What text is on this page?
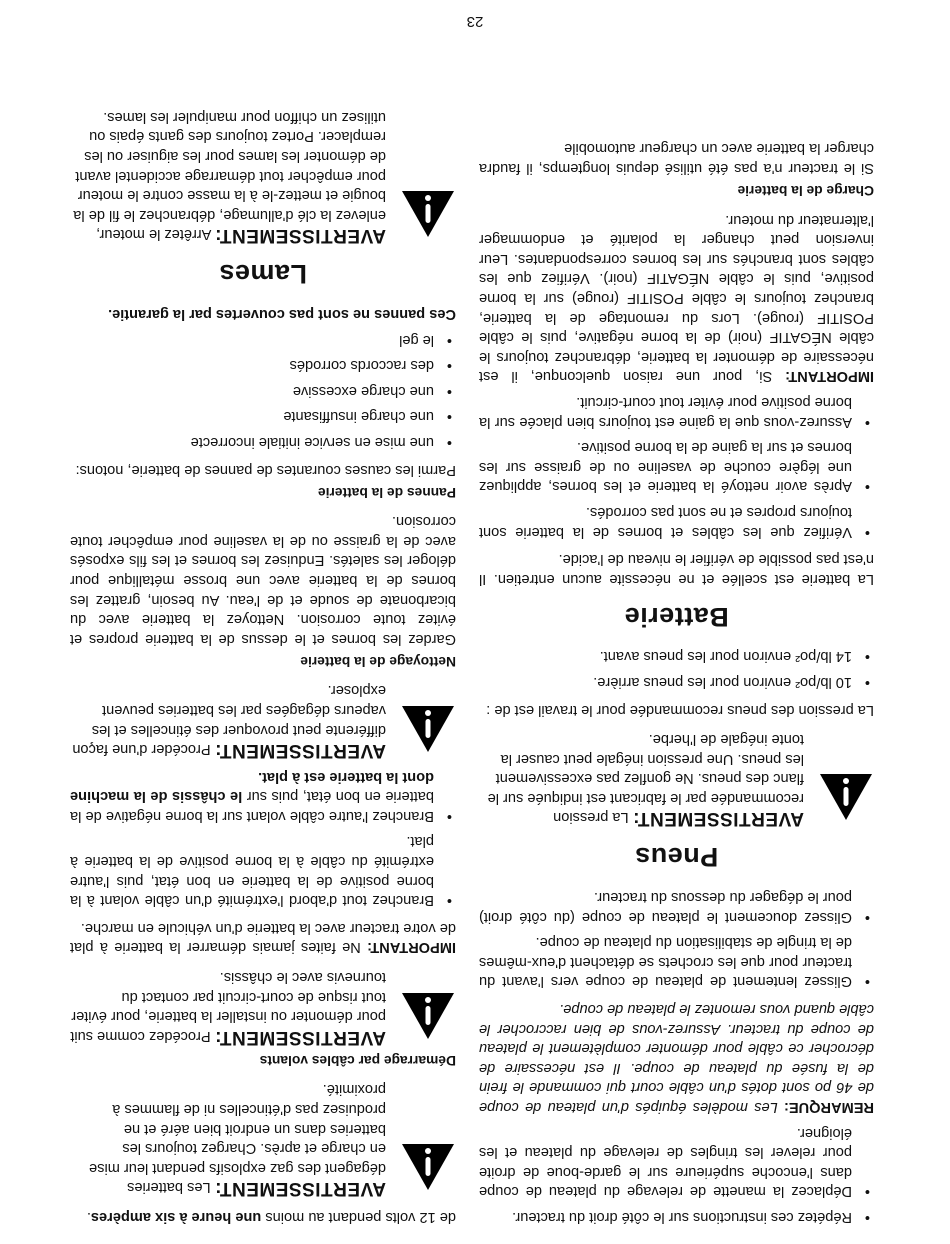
• Répétez ces instructions sur le côté droit du tracteur.
• Déplacez la manette de relevage du plateau de coupe dans l'encoche supérieure sur le garde-boue de droite pour relever les tringles de relevage du plateau et les éloigner.

REMARQUE: Les modèles équipés d'un plateau de coupe de 46 po sont dotés d'un câble court qui commande le frein de la fusée du plateau de coupe. Il est nécessaire de décrocher ce câble pour démonter complètement le plateau de coupe du tracteur. Assurez-vous de bien raccrocher le câble quand vous remontez le plateau de coupe.

• Glissez lentement de plateau de coupe vers l'avant du tracteur pour que les crochets se détachent d'eux-mêmes de la tringle de stabilisation du plateau de coupe.
• Glissez doucement le plateau de coupe (du côté droit) pour le dégager du dessous du tracteur.
Pneus

AVERTISSEMENT: La pression recommandée par le fabricant est indiquée sur le flanc des pneus. Ne gonflez pas excessivement les pneus. Une pression inégale peut causer la tonte inégale de l'herbe.

La pression des pneus recommandée pour le travail est de :

• 10 lb/po² environ pour les pneus arrière.
• 14 lb/po² environ pour les pneus avant.
Batterie

La batterie est scellée et ne nécessite aucun entretien. Il n'est pas possible de vérifier le niveau de l'acide.

• Vérifiez que les câbles et bornes de la batterie sont toujours propres et ne sont pas corrodés.
• Après avoir nettoyé la batterie et les bornes, appliquez une légère couche de vaseline ou de graisse sur les bornes et sur la gaine de la borne positive.
• Assurez-vous que la gaine est toujours bien placée sur la borne positive pour éviter tout court-circuit.

IMPORTANT: Si, pour une raison quelconque, il est nécessaire de démonter la batterie, débranchez toujours le câble NÉGATIF (noir) de la borne négative, puis le câble POSITIF (rouge). Lors du remontage de la batterie, branchez toujours le câble POSITIF (rouge) sur la borne positive, puis le câble NÉGATIF (noir). Vérifiez que les câbles sont branchés sur les bornes correspondantes. Leur inversion peut changer la polarité et endommager l'alternateur du moteur.

Charge de la batterie

Si le tracteur n'a pas été utilisé depuis longtemps, il faudra charger la batterie avec un chargeur automobile

de 12 volts pendant au moins une heure à six ampères.

AVERTISSEMENT: Les batteries dégagent des gaz explosifs pendant leur mise en charge et après. Chargez toujours les batteries dans un endroit bien aéré et ne produisez pas d'étincelles ni de flammes à proximité.

Démarrage par câbles volants

AVERTISSEMENT: Procédez comme suit pour démonter ou installer la batterie, pour éviter tout risque de court-circuit par contact du tournevis avec le châssis.

IMPORTANT: Ne faites jamais démarrer la batterie à plat de votre tracteur avec la batterie d'un véhicule en marche.

• Branchez tout d'abord l'extrémité d'un câble volant à la borne positive de la batterie en bon état, puis l'autre extrémité du câble à la borne positive de la batterie à plat.
• Branchez l'autre câble volant sur la borne négative de la batterie en bon état, puis sur le châssis de la machine dont la batterie est à plat.

AVERTISSEMENT: Procéder d'une façon différente peut provoquer des étincelles et les vapeurs dégagées par les batteries peuvent exploser.

Nettoyage de la batterie

Gardez les bornes et le dessus de la batterie propres et évitez toute corrosion. Nettoyez la batterie avec du bicarbonate de soude et de l'eau. Au besoin, grattez les bornes de la batterie avec une brosse métallique pour déloger les saletés. Enduisez les bornes et les fils exposés avec de la graisse ou de la vaseline pour empêcher toute corrosion.

Pannes de la batterie

Parmi les causes courantes de pannes de batterie, notons:

• une mise en service initiale incorrecte
• une charge insuffisante
• une charge excessive
• des raccords corrodés
• le gel

Ces pannes ne sont pas couvertes par la garantie.

Lames

AVERTISSEMENT: Arrêtez le moteur, enlevez la clé d'allumage, débranchez le fil de la bougie et mettez-le à la masse contre le moteur pour empêcher tout démarrage accidentel avant de démonter les lames pour les aiguiser ou les remplacer. Portez toujours des gants épais ou utilisez un chiffon pour manipuler les lames.

23
